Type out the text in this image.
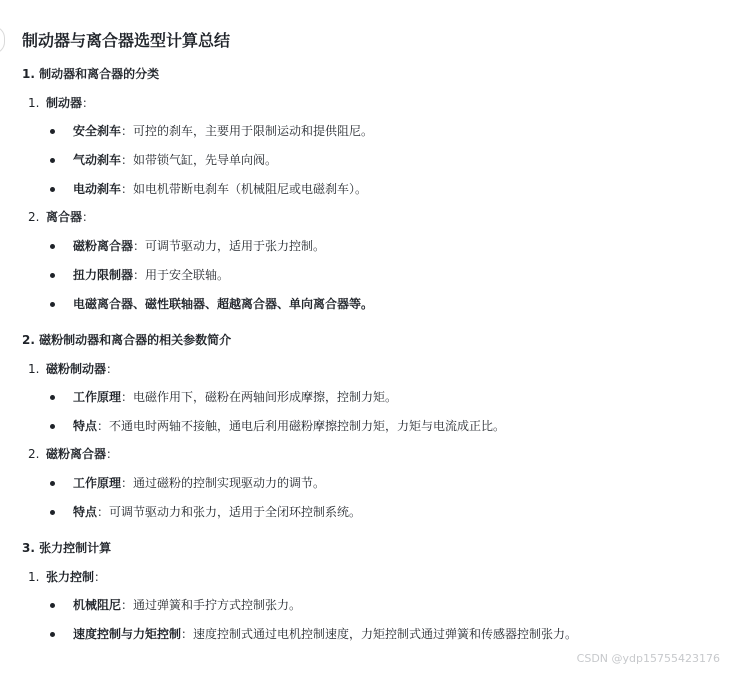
制动器与离合器选型计算总结
1. 制动器和离合器的分类
1. 制动器：
安全刹车：可控的刹车，主要用于限制运动和提供阻尼。
气动刹车：如带锁气缸，先导单向阀。
电动刹车：如电机带断电刹车（机械阻尼或电磁刹车）。
2. 离合器：
磁粉离合器：可调节驱动力，适用于张力控制。
扭力限制器：用于安全联轴。
电磁离合器、磁性联轴器、超越离合器、单向离合器等。
2. 磁粉制动器和离合器的相关参数简介
1. 磁粉制动器：
工作原理：电磁作用下，磁粉在两轴间形成摩擦，控制力矩。
特点：不通电时两轴不接触，通电后利用磁粉摩擦控制力矩，力矩与电流成正比。
2. 磁粉离合器：
工作原理：通过磁粉的控制实现驱动力的调节。
特点：可调节驱动力和张力，适用于全闭环控制系统。
3. 张力控制计算
1. 张力控制：
机械阻尼：通过弹簧和手拧方式控制张力。
速度控制与力矩控制：速度控制式通过电机控制速度，力矩控制式通过弹簧和传感器控制张力。
CSDN @ydp15755423176
